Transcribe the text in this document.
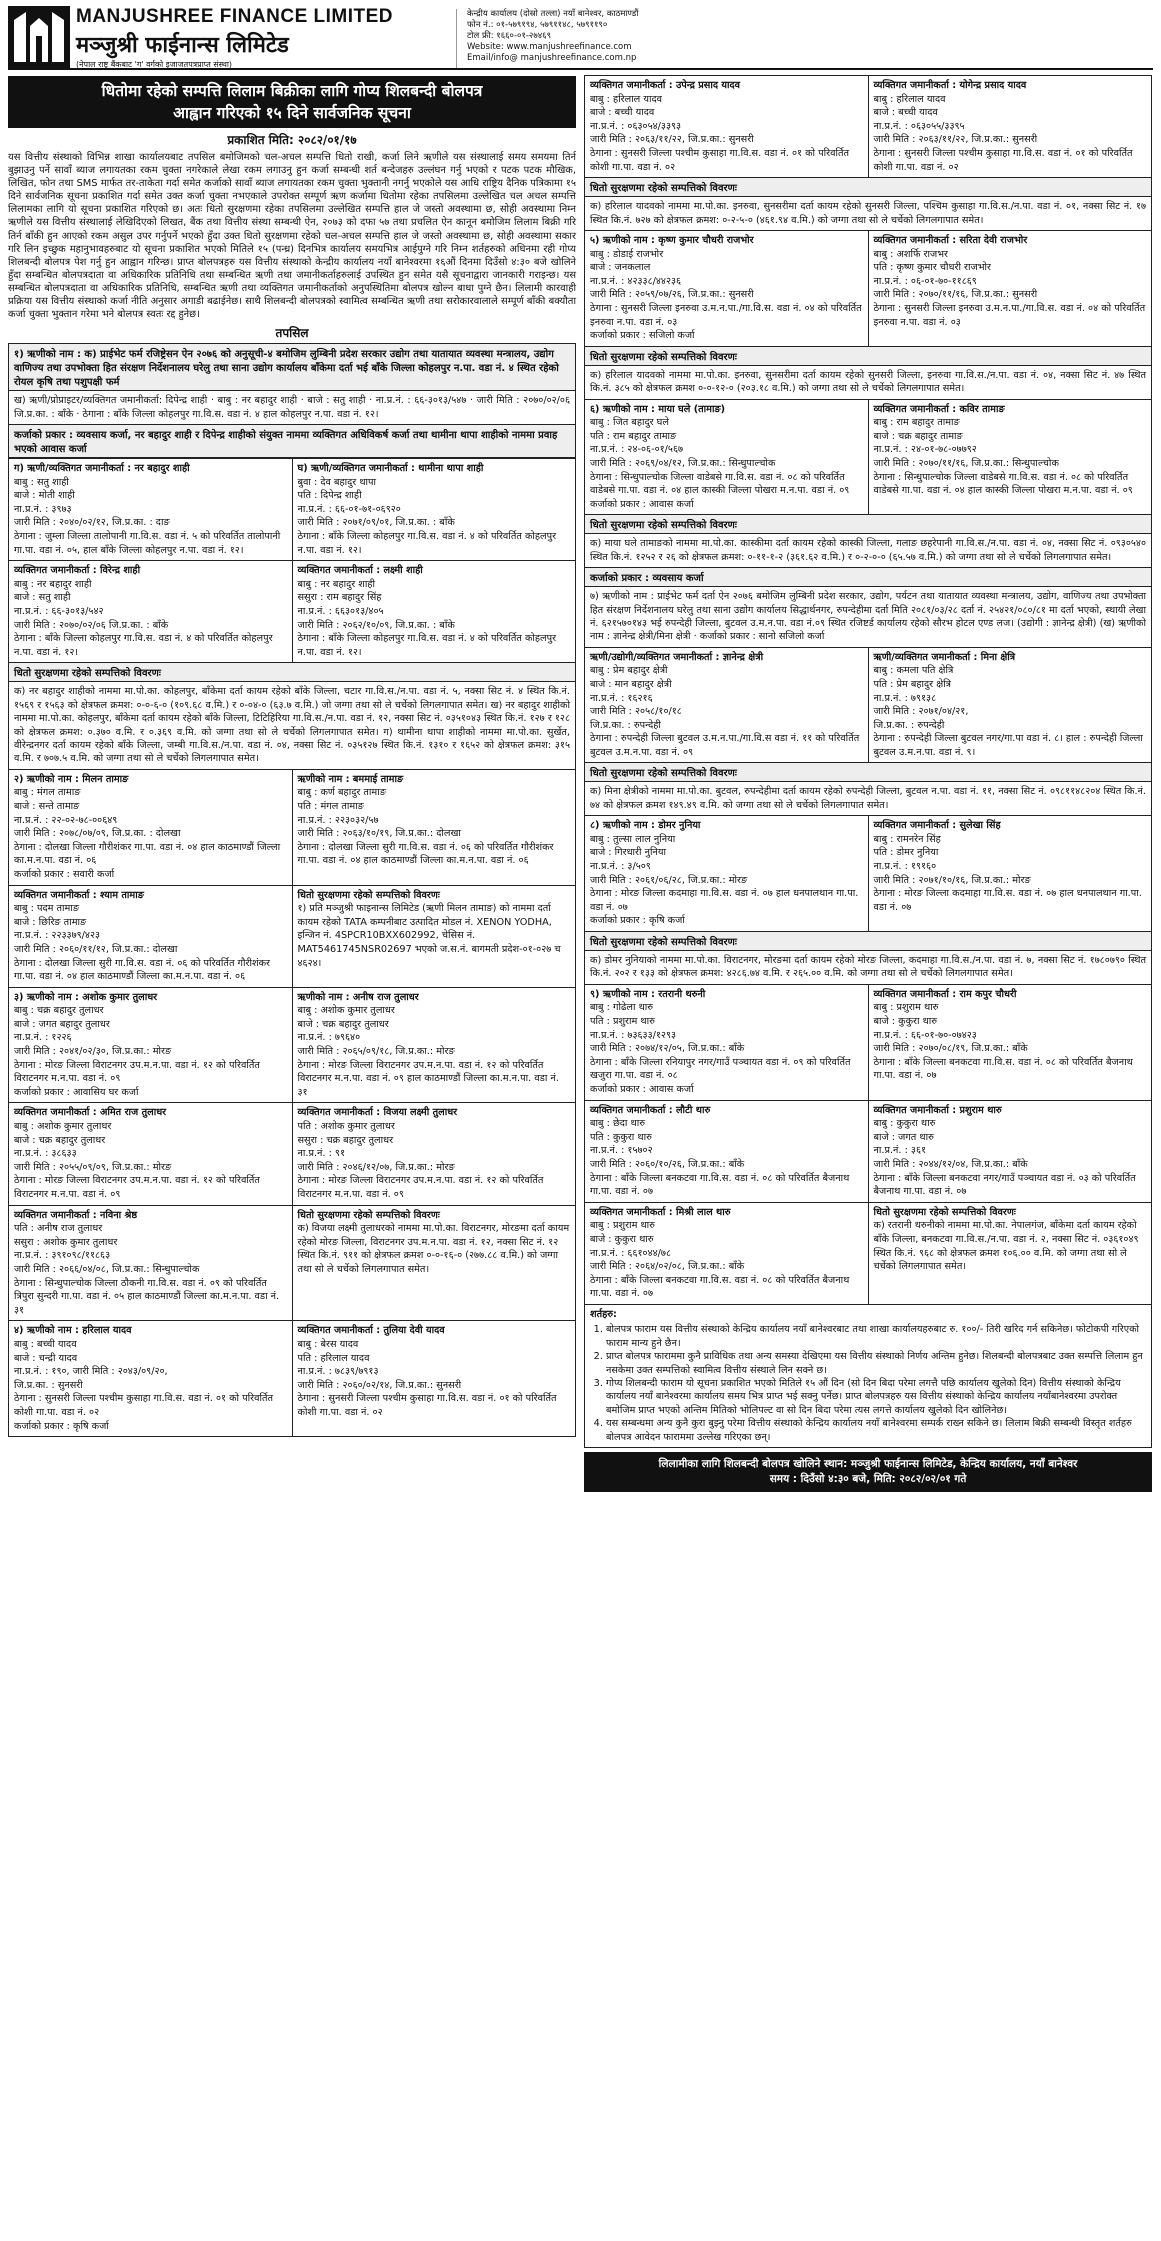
MANJUSHREE FINANCE LIMITED
मञ्जुश्री फाईनान्स लिमिटेड
(नेपाल राष्ट्र बैंकबाट 'ग' वर्गको इजाजतपत्रप्राप्त संस्था)
केन्द्रीय कार्यालय (दोस्रो तल्ला) नयाँ बानेश्वर, काठमाण्डौं
फोन नं.: ०१-५७९१९४, ५७९११४८, ५७९११९०
टोल फ्री: १६६०-०१-२७४६९
Website: www.manjushreefinance.com
Email/info@ manjushreefinance.com.np
धितोमा रहेको सम्पत्ति लिलाम बिक्रीका लागि गोप्य शिलबन्दी बोलपत्र
आह्वान गरिएको १५ दिने सार्वजनिक सूचना
प्रकाशित मिति: २०८२/०१/१७

यस वित्तीय संस्थाको विभिन्न शाखा कार्यालयबाट तपसिल बमोजिमको चल-अचल सम्पत्ति धितो राखी, कर्जा लिने ऋणीले यस संस्थालाई समय समयमा तिर्न बुझाउनु पर्ने सावाँ ब्याज लगायतका रकम चुक्ता नगरेकाले लेखा रकम लगाउनु हुन कर्जा सम्बन्धी शर्त बन्देजहरु उल्लंघन गर्नु भएको र पटक पटक मौखिक, लिखित, फोन तथा SMS मार्फत तर-ताकेता गर्दा समेत कर्जाको सावाँ ब्याज लगायतका रकम चुक्ता भुक्तानी नगर्नु भएकोले यस आधि राष्ट्रिय दैनिक पत्रिकामा १५ दिने सार्वजनिक सूचना प्रकाशित गर्दा समेत उक्त कर्जा चुक्ता नभएकाले उपरोक्त सम्पूर्ण ऋण कर्जामा धितोमा रहेका तपसिलमा उल्लेखित चल अचल सम्पत्ति लिलामका लागि यो सूचना प्रकाशित गरिएको छ। अतः धितो सुरक्षणमा रहेका तपसिलमा उल्लेखित सम्पत्ति हाल जे जस्तो अवस्थामा छ, सोही अवस्थामा निम्न ऋणीले यस वित्तीय संस्थालाई लेखिदिएको लिखत, बैंक तथा वित्तीय संस्था सम्बन्धी ऐन, २०७३ को दफा ५७ तथा प्रचलित ऐन कानून बमोजिम लिलाम बिक्री गरि तिर्न बाँकी हुन आएको रकम असुल उपर गर्नुपर्ने भएको हुँदा उक्त धितो सुरक्षणमा रहेको चल-अचल सम्पत्ति हाल जे जस्तो अवस्थामा छ, सोही अवस्थामा सकार गरि लिन इच्छुक महानुभावहरुबाट यो सूचना प्रकाशित भएको मितिले १५ (पन्ध्र) दिनभित्र कार्यालय समयभित्र आईपुग्ने गरि निम्न शर्तहरुको अधिनमा रही गोप्य शिलबन्दी बोलपत्र पेश गर्नु हुन आह्वान गरिन्छ। प्राप्त बोलपत्रहरु यस वित्तीय संस्थाको केन्द्रीय कार्यालय नयाँ बानेश्वरमा १६औं दिनमा दिउँसो ४:३० बजे खोलिने हुँदा सम्बन्धित बोलपत्रदाता वा अधिकारिक प्रतिनिधि तथा सम्बन्धित ऋणी तथा जमानीकर्ताहरुलाई उपस्थित हुन समेत यसै सूचनाद्वारा जानकारी गराइन्छ। यस सम्बन्धित बोलपत्रदाता वा अधिकारिक प्रतिनिधि, सम्बन्धित ऋणी तथा व्यक्तिगत जमानीकर्ताको अनुपस्थितिमा बोलपत्र खोल्न बाधा पुग्ने छैन। लिलामी कारवाही प्रक्रिया यस वित्तीय संस्थाको कर्जा नीति अनुसार अगाडी बढाईनेछ। साथै शिलबन्दी बोलपत्रको स्वामित्व सम्बन्धित ऋणी तथा सरोकारवालाले सम्पूर्ण बाँकी बक्यौता कर्जा चुक्ता भुक्तान गरेमा भने बोलपत्र स्वतः रद्द हुनेछ।

तपसिल
१) ऋणीको नाम : क) प्राईभेट फर्म रजिष्ट्रेसन ऐन २०७६ को अनुसूची-४ बमोजिम लुम्बिनी प्रदेश सरकार उद्योग तथा यातायात व्यवस्था मन्त्रालय, उद्योग वाणिज्य तथा उपभोक्ता हित संरक्षण निर्देशनालय घरेलु तथा साना उद्योग कार्यालय बाँकेमा दर्ता भई बाँके जिल्ला कोहलपुर न.पा. वडा नं. ४ स्थित रहेको रोयल कृषि तथा पशुपक्षी फर्म
ख) ऋणी/प्रोप्राइटर/व्यक्तिगत जमानीकर्ता: दिपेन्द्र शाही · बाबु : नर बहादुर शाही · बाजे : सतु शाही · ना.प्र.नं. : ६६-३०१३/५४७ · जारी मिति : २०७०/०२/०६ जि.प्र.का. : बाँके · ठेगाना : बाँके जिल्ला कोहलपुर गा.वि.स. वडा नं. ४ हाल कोहलपुर न.पा. वडा नं. १२।
कर्जाको प्रकार : व्यवसाय कर्जा, नर बहादुर शाही र दिपेन्द्र शाहीको संयुक्त नाममा व्यक्तिगत अधिविकर्ष कर्जा तथा थामीना थापा शाहीको नाममा प्रवाह भएको आवास कर्जा
ग) ऋणी/व्यक्तिगत जमानीकर्ता : नर बहादुर शाही
बाबु : सतु शाही
बाजे : मोती शाही
ना.प्र.नं. : ३९७३
जारी मिति : २०४०/०२/१२, जि.प्र.का. : दाङ
ठेगाना : जुम्ला जिल्ला तालोपानी गा.वि.स. वडा नं. ५ को परिवर्तित तालोपानी गा.पा. वडा नं. ०५, हाल बाँके जिल्ला कोहलपुर न.पा. वडा नं. १२।
घ) ऋणी/व्यक्तिगत जमानीकर्ता : थामीना थापा शाही
बुवा : देव बहादुर थापा
पति : दिपेन्द्र शाही
ना.प्र.नं. : ६६-०१-७१-०६९२०
जारी मिति : २०७१/०९/०१, जि.प्र.का. : बाँके
ठेगाना : बाँके जिल्ला कोहलपुर गा.वि.स. वडा नं. ४ को परिवर्तित कोहलपुर न.पा. वडा नं. १२।
व्यक्तिगत जमानीकर्ता : विरेन्द्र शाही
बाबु : नर बहादुर शाही
बाजे : सतु शाही
ना.प्र.नं. : ६६-३०१३/५४२
जारी मिति : २०७०/०२/०६ जि.प्र.का. : बाँके
ठेगाना : बाँके जिल्ला कोहलपुर गा.वि.स. वडा नं. ४ को परिवर्तित कोहलपुर न.पा. वडा नं. १२।
व्यक्तिगत जमानीकर्ता : लक्ष्मी शाही
बाबु : नर बहादुर शाही
ससुरा : राम बहादुर सिंह
ना.प्र.नं. : ६६३०१३/४०५
जारी मिति : २०६२/१०/०९, जि.प्र.का. : बाँके
ठेगाना : बाँके जिल्ला कोहलपुर गा.वि.स. वडा नं. ४ को परिवर्तित कोहलपुर न.पा. वडा नं. १२।
धितो सुरक्षणमा रहेको सम्पत्तिको विवरणः
क) नर बहादुर शाहीको नाममा मा.पो.का. कोहलपुर, बाँकेमा दर्ता कायम रहेको बाँके जिल्ला, चटार गा.वि.स./न.पा. वडा नं. ५, नक्सा सिट नं. ४ स्थित कि.नं. १५६९ र १५६३ को क्षेत्रफल क्रमश: ०-०-६-० (१०९.६८ व.मि.) र ०-०४-० (६३.७ व.मि.) जो जग्गा तथा सो ले चर्चेको लिगलगापात समेत। ख) नर बहादुर शाहीको नाममा मा.पो.का. कोहलपुर, बाँकेमा दर्ता कायम रहेको बाँके जिल्ला, टिटिहिरिया गा.वि.स./न.पा. वडा नं. १२, नक्सा सिट नं. ०३५१०४३ स्थित कि.नं. १२७ र १२८ को क्षेत्रफल क्रमश: ०.३७० व.मि. र ०.३६९ व.मि. को जग्गा तथा सो ले चर्चेको लिगलगापात समेत। ग) थामीना थापा शाहीको नाममा मा.पो.का. सुर्खेत, वीरेन्द्रनगर दर्ता कायम रहेको बाँके जिल्ला, जम्बी गा.वि.स./न.पा. वडा नं. ०४, नक्सा सिट नं. ०३५१२७ स्थित कि.नं. १३१० र १६५२ को क्षेत्रफल क्रमश: ३१५ व.मि. र ७०७.५ व.मि. को जग्गा तथा सो ले चर्चेको लिगलगापात समेत।
२) ऋणीको नाम : मिलन तामाङ
बाबु : मंगल तामाङ
बाजे : सन्ते तामाङ
ना.प्र.नं. : २२-०२-७८-००६४९
जारी मिति : २०७८/०७/०९, जि.प्र.का. : दोलखा
ठेगाना : दोलखा जिल्ला गौरीशंकर गा.पा. वडा नं. ०४ हाल काठमाण्डौं जिल्ला का.म.न.पा. वडा नं. ०६
कर्जाको प्रकार : सवारी कर्जा
ऋणीको नाम : बममाई तामाङ
बाबु : कर्ण बहादुर तामाङ
पति : मंगल तामाङ
ना.प्र.नं. : २२३०३२/५७
जारी मिति : २०६३/१०/१९, जि.प्र.का.: दोलखा
ठेगाना : दोलखा जिल्ला सुरी गा.वि.स. वडा नं. ०६ को परिवर्तित गौरीशंकर गा.पा. वडा नं. ०४ हाल काठमाण्डौं जिल्ला का.म.न.पा. वडा नं. ०६
व्यक्तिगत जमानीकर्ता : श्याम तामाङ
बाबु : पदम तामाङ
बाजे : छिरिङ तामाङ
ना.प्र.नं. : २२३३७९/४२३
जारी मिति : २०६०/११/१२, जि.प्र.का.: दोलखा
ठेगाना : दोलखा जिल्ला सुरी गा.वि.स. वडा नं. ०६ को परिवर्तित गौरीशंकर गा.पा. वडा नं. ०४ हाल काठमाण्डौं जिल्ला का.म.न.पा. वडा नं. ०६
धितो सुरक्षणमा रहेको सम्पत्तिको विवरणः
१) प्रति मञ्जुश्री फाइनान्स लिमिटेड (ऋणी मिलन तामाङ) को नाममा दर्ता कायम रहेको TATA कम्पनीबाट उत्पादित मोडल नं. XENON YODHA, इन्जिन नं. 4SPCR10BXX602992, चेसिस नं. MAT5461745NSR02697 भएको ज.स.नं. बागमती प्रदेश-०१-०२७ च ४६२४।
३) ऋणीको नाम : अशोक कुमार तुलाधर
बाबु : चक्र बहादुर तुलाधर
बाजे : जगत बहादुर तुलाधर
ना.प्र.नं. : १२२६
जारी मिति : २०४१/०२/३०, जि.प्र.का.: मोरङ
ठेगाना : मोरङ जिल्ला विराटनगर उप.म.न.पा. वडा नं. १२ को परिवर्तित विराटनगर म.न.पा. वडा नं. ०९
कर्जाको प्रकार : आवासिय घर कर्जा
ऋणीको नाम : अनीष राज तुलाधर
बाबु : अशोक कुमार तुलाधर
बाजे : चक्र बहादुर तुलाधर
ना.प्र.नं. : ७९६४०
जारी मिति : २०६५/०९/१८, जि.प्र.का.: मोरङ
ठेगाना : मोरङ जिल्ला विराटनगर उप.म.न.पा. वडा नं. १२ को परिवर्तित विराटनगर म.न.पा. वडा नं. ०९ हाल काठमाण्डौं जिल्ला का.म.न.पा. वडा नं. ३१
व्यक्तिगत जमानीकर्ता : अमित राज तुलाधर
बाबु : अशोक कुमार तुलाधर
बाजे : चक्र बहादुर तुलाधर
ना.प्र.नं. : ३८६३३
जारी मिति : २०५५/०९/०९, जि.प्र.का.: मोरङ
ठेगाना : मोरङ जिल्ला विराटनगर उप.म.न.पा. वडा नं. १२ को परिवर्तित विराटनगर म.न.पा. वडा नं. ०९
व्यक्तिगत जमानीकर्ता : विजया लक्ष्मी तुलाधर
पति : अशोक कुमार तुलाधर
ससुरा : चक्र बहादुर तुलाधर
ना.प्र.नं. : ९१
जारी मिति : २०४६/१२/०७, जि.प्र.का.: मोरङ
ठेगाना : मोरङ जिल्ला विराटनगर उप.म.न.पा. वडा नं. १२ को परिवर्तित विराटनगर म.न.पा. वडा नं. ०९
व्यक्तिगत जमानीकर्ता : नविना श्रेष्ठ
पति : अनीष राज तुलाधर
ससुरा : अशोक कुमार तुलाधर
ना.प्र.नं. : ३९१०९८/११८६३
जारी मिति : २०६६/०४/०८, जि.प्र.का.: सिन्धुपाल्चोक
ठेगाना : सिन्धुपाल्चोक जिल्ला ठौकनी गा.वि.स. वडा नं. ०९ को परिवर्तित त्रिपुरा सुन्दरी गा.पा. वडा नं. ०५ हाल काठमाण्डौं जिल्ला का.म.न.पा. वडा नं. ३१
धितो सुरक्षणमा रहेको सम्पत्तिको विवरणः
क) विजया लक्ष्मी तुलाधरको नाममा मा.पो.का. विराटनगर, मोरङमा दर्ता कायम रहेको मोरङ जिल्ला, विराटनगर उप.म.न.पा. वडा नं. १२, नक्सा सिट नं. १२ स्थित कि.नं. ९११ को क्षेत्रफल क्रमश ०-०-१६-० (२७७.८८ व.मि.) को जग्गा तथा सो ले चर्चेको लिगलगापात समेत।
४) ऋणीको नाम : हरिलाल यादव
बाबु : बच्ची यादव
बाजे : चन्द्री यादव
ना.प्र.नं. : १९०, जारी मिति : २०४३/०९/२०,
जि.प्र.का. : सुनसरी
ठेगाना : सुनसरी जिल्ला पश्चीम कुसाहा गा.वि.स. वडा नं. ०१ को परिवर्तित कोशी गा.पा. वडा नं. ०२
कर्जाको प्रकार : कृषि कर्जा
व्यक्तिगत जमानीकर्ता : तुलिया देवी यादव
बाबु : बेरस यादव
पति : हरिलाल यादव
ना.प्र.नं. : ७८३९/७९१३
जारी मिति : २०६०/०२/१४, जि.प्र.का.: सुनसरी
ठेगाना : सुनसरी जिल्ला पश्चीम कुसाहा गा.वि.स. वडा नं. ०१ को परिवर्तित कोशी गा.पा. वडा नं. ०२
व्यक्तिगत जमानीकर्ता : उपेन्द्र प्रसाद यादव
बाबु : हरिलाल यादव
बाजे : बच्ची यादव
ना.प्र.नं. : ०६३०५४/३३९३
जारी मिति : २०६३/११/२२, जि.प्र.का.: सुनसरी
ठेगाना : सुनसरी जिल्ला पश्चीम कुसाहा गा.वि.स. वडा नं. ०१ को परिवर्तित कोशी गा.पा. वडा नं. ०२
व्यक्तिगत जमानीकर्ता : योगेन्द्र प्रसाद यादव
बाबु : हरिलाल यादव
बाजे : बच्ची यादव
ना.प्र.नं. : ०६३०५५/३३९५
जारी मिति : २०६३/११/२२, जि.प्र.का.: सुनसरी
ठेगाना : सुनसरी जिल्ला पश्चीम कुसाहा गा.वि.स. वडा नं. ०१ को परिवर्तित कोशी गा.पा. वडा नं. ०२
धितो सुरक्षणमा रहेको सम्पत्तिको विवरणः
क) हरिलाल यादवको नाममा मा.पो.का. इनरुवा, सुनसरीमा दर्ता कायम रहेको सुनसरी जिल्ला, पश्चिम कुसाहा गा.वि.स./न.पा. वडा नं. ०१, नक्सा सिट नं. १७ स्थित कि.नं. ७२७ को क्षेत्रफल क्रमश: ०-२-५-० (४६१.९४ व.मि.) को जग्गा तथा सो ले चर्चेको लिगलगापात समेत।
५) ऋणीको नाम : कृष्ण कुमार चौधरी राजभोर
बाबु : डोडाई राजभोर
बाजे : जनकलाल
ना.प्र.नं. : ४२३३८/४४२३६
जारी मिति : २०५९/०७/२६, जि.प्र.का.: सुनसरी
ठेगाना : सुनसरी जिल्ला इनरुवा उ.म.न.पा./गा.वि.स. वडा नं. ०४ को परिवर्तित इनरुवा न.पा. वडा नं. ०३
कर्जाको प्रकार : सजिलो कर्जा
व्यक्तिगत जमानीकर्ता : सरिता देवी राजभोर
बाबु : अशर्फि राजभर
पति : कृष्ण कुमार चौधरी राजभोर
ना.प्र.नं. : ०६-०१-७०-११८६९
जारी मिति : २०७०/११/१६, जि.प्र.का.: सुनसरी
ठेगाना : सुनसरी जिल्ला इनरुवा उ.म.न.पा./गा.वि.स. वडा नं. ०४ को परिवर्तित इनरुवा न.पा. वडा नं. ०३
धितो सुरक्षणमा रहेको सम्पत्तिको विवरणः
क) हरिलाल यादवको नाममा मा.पो.का. इनरुवा, सुनसरीमा दर्ता कायम रहेको सुनसरी जिल्ला, इनरुवा गा.वि.स./न.पा. वडा नं. ०४, नक्सा सिट नं. ४७ स्थित कि.नं. ३८५ को क्षेत्रफल क्रमश ०-०-१२-० (२०३.१८ व.मि.) को जग्गा तथा सो ले चर्चेको लिगलगापात समेत।
६) ऋणीको नाम : माया घले (तामाङ)
बाबु : जित बहादुर घले
पति : राम बहादुर तामाङ
ना.प्र.नं. : २४-०६-०१/५६७
जारी मिति : २०६९/०४/१२, जि.प्र.का.: सिन्धुपाल्चोक
ठेगाना : सिन्धुपाल्चोक जिल्ला वाडेबसे गा.वि.स. वडा नं. ०८ को परिवर्तित वाडेबसे गा.पा. वडा नं. ०४ हाल कास्की जिल्ला पोखरा म.न.पा. वडा नं. ०९
कर्जाको प्रकार : आवास कर्जा
व्यक्तिगत जमानीकर्ता : कविर तामाङ
बाबु : राम बहादुर तामाङ
बाजे : चक्र बहादुर तामाङ
ना.प्र.नं. : २४-०१-७८-०७७९२
जारी मिति : २०७०/११/१६, जि.प्र.का.: सिन्धुपाल्चोक
ठेगाना : सिन्धुपाल्चोक जिल्ला वाडेबसे गा.वि.स. वडा नं. ०८ को परिवर्तित वाडेबसे गा.पा. वडा नं. ०४ हाल कास्की जिल्ला पोखरा म.न.पा. वडा नं. ०९
धितो सुरक्षणमा रहेको सम्पत्तिको विवरणः
क) माया घले तामाङको नाममा मा.पो.का. कास्कीमा दर्ता कायम रहेको कास्की जिल्ला, गलाङ छहरेपानी गा.वि.स./न.पा. वडा नं. ०४, नक्सा सिट नं. ०९३०५४० स्थित कि.नं. १२५२ र २६ को क्षेत्रफल क्रमश: ०-११-१-२ (३६१.६२ व.मि.) र ०-२-०-० (६५.५७ व.मि.) को जग्गा तथा सो ले चर्चेको लिगलगापात समेत।
कर्जाको प्रकार : व्यवसाय कर्जा
७) ऋणीको नाम : प्राईभेट फर्म दर्ता ऐन २०७६ बमोजिम लुम्बिनी प्रदेश सरकार, उद्योग, पर्यटन तथा यातायात व्यवस्था मन्त्रालय, उद्योग, वाणिज्य तथा उपभोक्ता हित संरक्षण निर्देशनालय घरेलु तथा साना उद्योग कार्यालय सिद्धार्थनगर, रुपन्देहीमा दर्ता मिति २०८१/०३/२८ दर्ता नं. २५४२१/०८०/८१ मा दर्ता भएको, स्थायी लेखा नं. ६२१५७०१४३ भई रुपन्देही जिल्ला, बुटवल उ.म.न.पा. वडा नं.०९ स्थित रजिष्टर्ड कार्यालय रहेको सौरभ होटल एण्ड लज। (उद्योगी : ज्ञानेन्द्र क्षेत्री) (ख) ऋणीको नाम : ज्ञानेन्द्र क्षेत्री/मिना क्षेत्री · कर्जाको प्रकार : सानो सजिलो कर्जा
ऋणी/उद्योगी/व्यक्तिगत जमानीकर्ता : ज्ञानेन्द्र क्षेत्री
बाबु : प्रेम बहादुर क्षेत्री
बाजे : मान बहादुर क्षेत्री
ना.प्र.नं. : १६२१६
जारी मिति : २०५८/१०/१८
जि.प्र.का. : रुपन्देही
ठेगाना : रुपन्देही जिल्ला बुटवल उ.म.न.पा./गा.वि.स वडा नं. ११ को परिवर्तित बुटवल उ.म.न.पा. वडा नं. ०९
ऋणी/व्यक्तिगत जमानीकर्ता : मिना क्षेत्रि
बाबु : कमला पति क्षेत्रि
पति : प्रेम बहादुर क्षेत्रि
ना.प्र.नं. : ७९१३८
जारी मिति : २०७१/०४/२१,
जि.प्र.का. : रुपन्देही
ठेगाना : रुपन्देही जिल्ला बुटवल नगर/गा.पा वडा नं. ८। हाल : रुपन्देही जिल्ला बुटवल उ.म.न.पा. वडा नं. ९।
धितो सुरक्षणमा रहेको सम्पत्तिको विवरणः
क) मिना क्षेत्रीको नाममा मा.पो.का. बुटवल, रुपन्देहीमा दर्ता कायम रहेको रुपन्देही जिल्ला, बुटवल न.पा. वडा नं. ११, नक्सा सिट नं. ०९८११४८२०४ स्थित कि.नं. ७४ को क्षेत्रफल क्रमश १४९.४९ व.मि. को जग्गा तथा सो ले चर्चेको लिगलगापात समेत।
८) ऋणीको नाम : डोमर नुनिया
बाबु : तुल्सा लाल नुनिया
बाजे : गिरधारी नुनिया
ना.प्र.नं. : ३/५०९
जारी मिति : २०६१/०६/२८, जि.प्र.का.: मोरङ
ठेगाना : मोरङ जिल्ला कदमाहा गा.वि.स. वडा नं. ०७ हाल धनपालथान गा.पा. वडा नं. ०७
कर्जाको प्रकार : कृषि कर्जा
व्यक्तिगत जमानीकर्ता : सुलेखा सिंह
बाबु : रामनरेन सिंह
पति : डोमर नुनिया
ना.प्र.नं. : १९१६०
जारी मिति : २०७१/१०/१६, जि.प्र.का.: मोरङ
ठेगाना : मोरङ जिल्ला कदमाहा गा.वि.स. वडा नं. ०७ हाल धनपालथान गा.पा. वडा नं. ०७
धितो सुरक्षणमा रहेको सम्पत्तिको विवरणः
क) डोमर नुनियाको नाममा मा.पो.का. विराटनगर, मोरङमा दर्ता कायम रहेको मोरङ जिल्ला, कदमाहा गा.वि.स./न.पा. वडा नं. ७, नक्सा सिट नं. १७८०७९० स्थित कि.नं. २०२ र १३३ को क्षेत्रफल क्रमश: ४२८६.७४ व.मि. र २६५.०० व.मि. को जग्गा तथा सो ले चर्चेको लिगलगापात समेत।
९) ऋणीको नाम : रतरानी थरुनी
बाबु : गोढेला थारु
पति : प्रशुराम थारु
ना.प्र.नं. : ७३६३३/१२९३
जारी मिति : २०७४/१२/०५, जि.प्र.का.: बाँके
ठेगाना : बाँके जिल्ला रनियापुर नगर/गाउँ पञ्चायत वडा नं. ०९ को परिवर्तित खजुरा गा.पा. वडा नं. ०८
कर्जाको प्रकार : आवास कर्जा
व्यक्तिगत जमानीकर्ता : राम कपुर चौधरी
बाबु : प्रशुराम थारु
बाजे : कुकुरा थारु
ना.प्र.नं. : ६६-०१-७०-०७४२३
जारी मिति : २०७०/०८/१९, जि.प्र.का.: बाँके
ठेगाना : बाँके जिल्ला बनकटवा गा.वि.स. वडा नं. ०८ को परिवर्तित बैजनाथ गा.पा. वडा नं. ०७
व्यक्तिगत जमानीकर्ता : लौटी थारु
बाबु : छेदा थारु
पति : कुकुरा थारु
ना.प्र.नं. : १५७०२
जारी मिति : २०६०/१०/२६, जि.प्र.का.: बाँके
ठेगाना : बाँके जिल्ला बनकटवा गा.वि.स. वडा नं. ०८ को परिवर्तित बैजनाथ गा.पा. वडा नं. ०७
व्यक्तिगत जमानीकर्ता : प्रशुराम थारु
बाबु : कुकुरा थारु
बाजे : जगत थारु
ना.प्र.नं. : ३६१
जारी मिति : २०४४/१२/०४, जि.प्र.का.: बाँके
ठेगाना : बाँके जिल्ला बनकटवा नगर/गाउँ पञ्चायत वडा नं. ०३ को परिवर्तित बैजनाथ गा.पा. वडा नं. ०७
व्यक्तिगत जमानीकर्ता : मिश्री लाल थारु
बाबु : प्रशुराम थारु
बाजे : कुकुरा थारु
ना.प्र.नं. : ६६१०४४/७८
जारी मिति : २०६४/०२/०८, जि.प्र.का.: बाँके
ठेगाना : बाँके जिल्ला बनकटवा गा.वि.स. वडा नं. ०८ को परिवर्तित बैजनाथ गा.पा. वडा नं. ०७
धितो सुरक्षणमा रहेको सम्पत्तिको विवरणः
क) रतरानी थरुनीको नाममा मा.पो.का. नेपालगंज, बाँकेमा दर्ता कायम रहेको बाँके जिल्ला, बनकटवा गा.वि.स./न.पा. वडा नं. २, नक्सा सिट नं. ०३६१०४९ स्थित कि.नं. ९६८ को क्षेत्रफल क्रमश १०६.०० व.मि. को जग्गा तथा सो ले चर्चेको लिगलगापात समेत।
शर्तहरु:
1. बोलपत्र फाराम यस वित्तीय संस्थाको केन्द्रिय कार्यालय नयाँ बानेश्वरबाट तथा शाखा कार्यालयहरुबाट रु. १००/- तिरी खरिद गर्न सकिनेछ। फोटोकपी गरिएको फाराम मान्य हुने छैन।
2. प्राप्त बोलपत्र फाराममा कुनै प्राविधिक तथा अन्य समस्या देखिएमा यस वित्तीय संस्थाको निर्णय अन्तिम हुनेछ। शिलबन्दी बोलपत्रबाट उक्त सम्पत्ति लिलाम हुन नसकेमा उक्त सम्पत्तिको स्वामित्व वित्तीय संस्थाले लिन सक्ने छ।
3. गोप्य शिलबन्दी फाराम यो सूचना प्रकाशित भएको मितिले १५ औं दिन (सो दिन बिदा परेमा लगत्तै पछि कार्यालय खुलेको दिन) वित्तीय संस्थाको केन्द्रिय कार्यालय नयाँ बानेश्वरमा कार्यालय समय भित्र प्राप्त भई सक्नु पर्नेछ। प्राप्त बोलपत्रहरु यस वित्तीय संस्थाको केन्द्रिय कार्यालय नयाँबानेश्वरमा उपरोक्त बमोजिम प्राप्त भएको अन्तिम मितिको भोलिपल्ट वा सो दिन बिदा परेमा त्यस लगत्ते कार्यालय खुलेको दिन खोलिनेछ।
4. यस सम्बन्धमा अन्य कुनै कुरा बुझ्नु परेमा वित्तीय संस्थाको केन्द्रिय कार्यालय नयाँ बानेश्वरमा सम्पर्क राख्न सकिने छ। लिलाम बिक्री सम्बन्धी विस्तृत शर्तहरु बोलपत्र आवेदन फाराममा उल्लेख गरिएका छन्।
लिलामीका लागि शिलबन्दी बोलपत्र खोलिने स्थान: मञ्जुश्री फाईनान्स लिमिटेड, केन्द्रिय कार्यालय, नयाँ बानेश्वर
समय : दिउँसो ४:३० बजे, मिति: २०८२/०२/०१ गते
